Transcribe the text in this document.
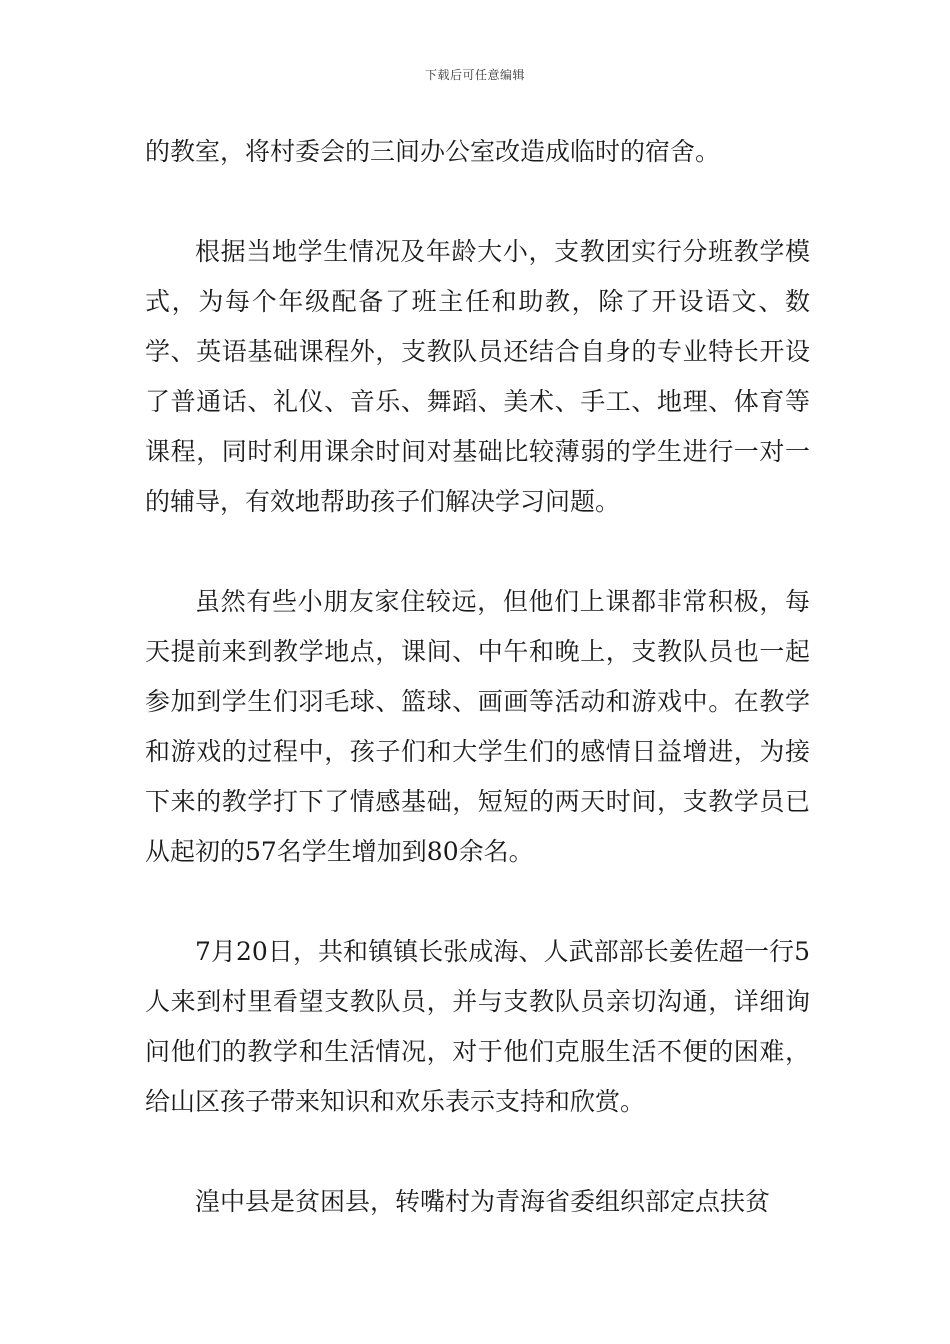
下载后可任意编辑

的教室，将村委会的三间办公室改造成临时的宿舍。

根据当地学生情况及年龄大小，支教团实行分班教学模式，为每个年级配备了班主任和助教，除了开设语文、数学、英语基础课程外，支教队员还结合自身的专业特长开设了普通话、礼仪、音乐、舞蹈、美术、手工、地理、体育等课程，同时利用课余时间对基础比较薄弱的学生进行一对一的辅导，有效地帮助孩子们解决学习问题。

虽然有些小朋友家住较远，但他们上课都非常积极，每天提前来到教学地点，课间、中午和晚上，支教队员也一起参加到学生们羽毛球、篮球、画画等活动和游戏中。在教学和游戏的过程中，孩子们和大学生们的感情日益增进，为接下来的教学打下了情感基础，短短的两天时间，支教学员已从起初的57名学生增加到80余名。

7月20日，共和镇镇长张成海、人武部部长姜佐超一行5人来到村里看望支教队员，并与支教队员亲切沟通，详细询问他们的教学和生活情况，对于他们克服生活不便的困难，给山区孩子带来知识和欢乐表示支持和欣赏。

湟中县是贫困县，转嘴村为青海省委组织部定点扶贫
